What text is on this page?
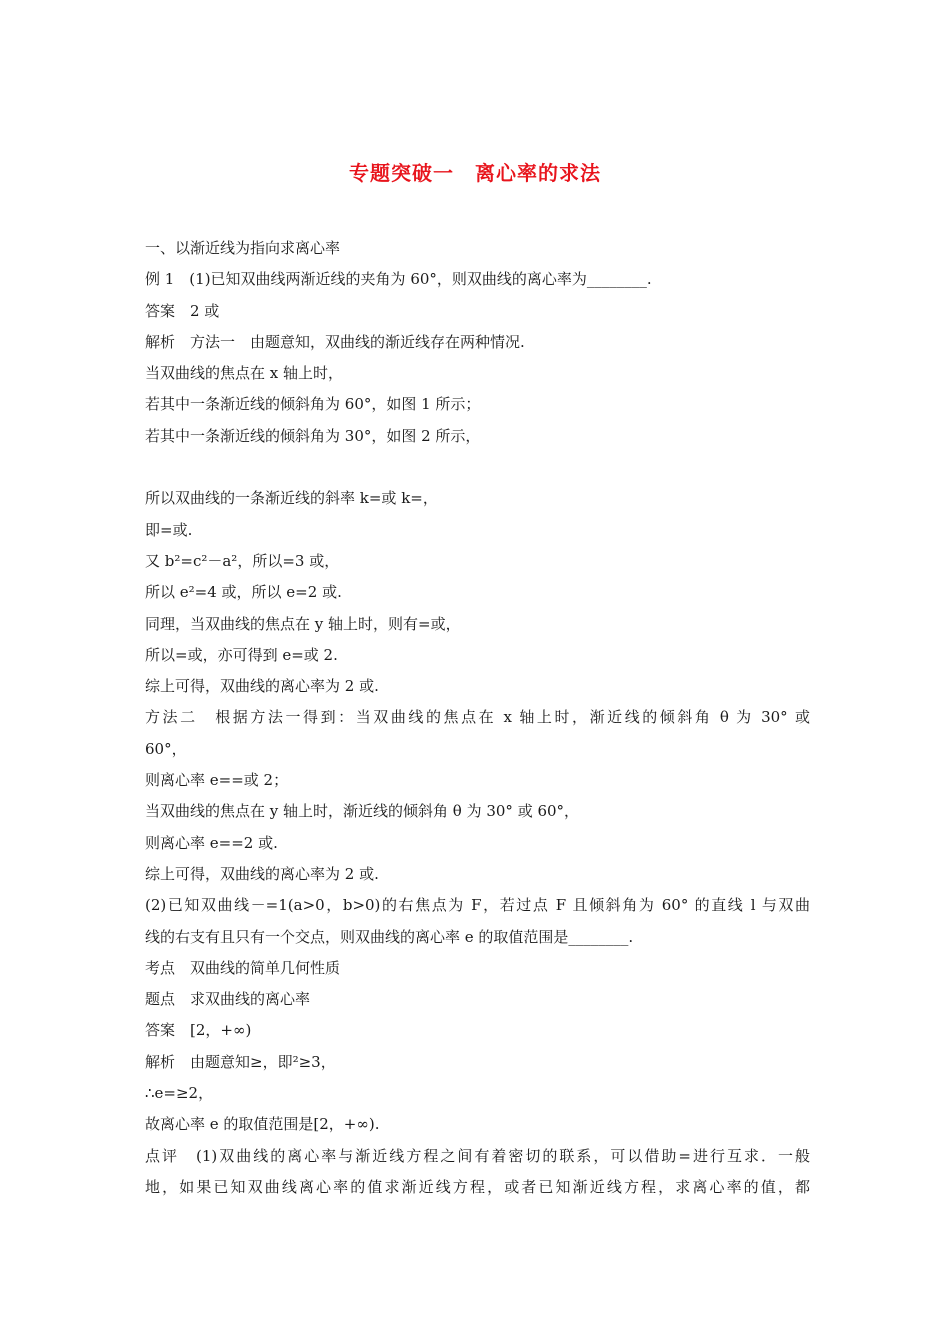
专题突破一　离心率的求法
一、以渐近线为指向求离心率
例 1　(1)已知双曲线两渐近线的夹角为 60°，则双曲线的离心率为________.
答案　2 或
解析　方法一　由题意知，双曲线的渐近线存在两种情况.
当双曲线的焦点在 x 轴上时，
若其中一条渐近线的倾斜角为 60°，如图 1 所示；
若其中一条渐近线的倾斜角为 30°，如图 2 所示，
所以双曲线的一条渐近线的斜率 k=或 k=，
即=或.
又 b²=c²－a²，所以=3 或，
所以 e²=4 或，所以 e=2 或.
同理，当双曲线的焦点在 y 轴上时，则有=或，
所以=或，亦可得到 e=或 2.
综上可得，双曲线的离心率为 2 或.
方法二　根据方法一得到：当双曲线的焦点在 x 轴上时，渐近线的倾斜角 θ 为 30° 或
60°，
则离心率 e==或 2；
当双曲线的焦点在 y 轴上时，渐近线的倾斜角 θ 为 30° 或 60°，
则离心率 e==2 或.
综上可得，双曲线的离心率为 2 或.
(2)已知双曲线－=1(a>0，b>0)的右焦点为 F，若过点 F 且倾斜角为 60° 的直线 l 与双曲
线的右支有且只有一个交点，则双曲线的离心率 e 的取值范围是________.
考点　双曲线的简单几何性质
题点　求双曲线的离心率
答案　[2，+∞)
解析　由题意知≥，即²≥3，
∴e=≥2，
故离心率 e 的取值范围是[2，+∞).
点评　(1)双曲线的离心率与渐近线方程之间有着密切的联系，可以借助=进行互求．一般
地，如果已知双曲线离心率的值求渐近线方程，或者已知渐近线方程，求离心率的值，都
